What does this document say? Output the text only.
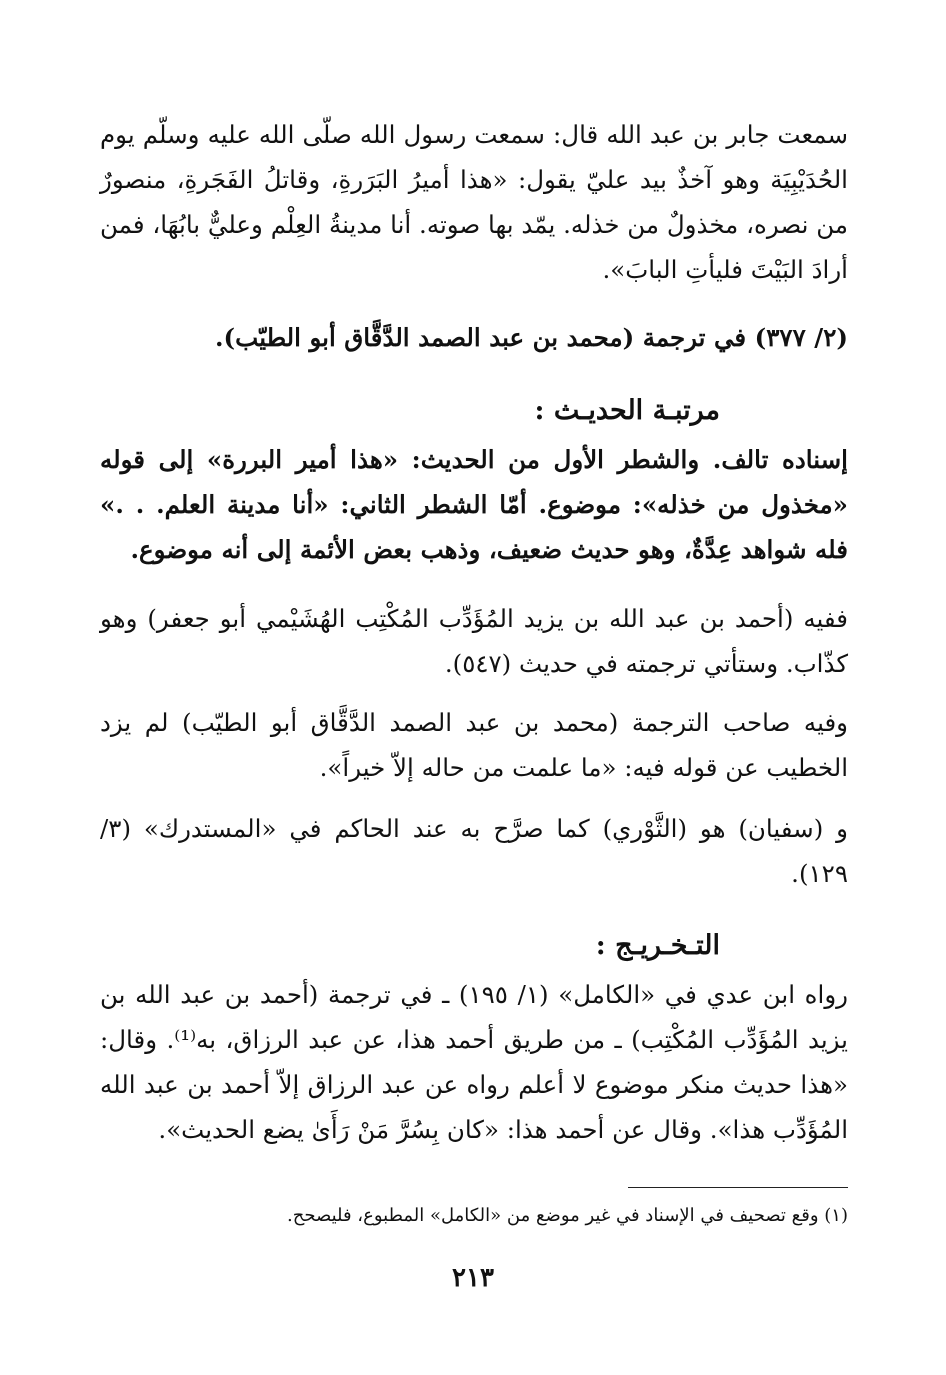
سمعت جابر بن عبد الله قال: سمعت رسول الله صلّى الله عليه وسلّم يوم الحُدَيْبِيَة وهو آخذٌ بيد عليّ يقول: «هذا أميرُ البَرَرةِ، وقاتلُ الفَجَرةِ، منصورٌ من نصره، مخذولٌ من خذله. يمّد بها صوته. أنا مدينةُ العِلْم وعليٌّ بابُهَا، فمن أرادَ البَيْتَ فليأتِ البابَ».

(٢/ ٣٧٧) في ترجمة (محمد بن عبد الصمد الدَّقَّاق أبو الطيّب).

مرتبـة الحديـث :

إسناده تالف. والشطر الأول من الحديث: «هذا أمير البررة» إلى قوله «مخذول من خذله»: موضوع. أمّا الشطر الثاني: «أنا مدينة العلم. . .» فله شواهد عِدَّةٌ، وهو حديث ضعيف، وذهب بعض الأئمة إلى أنه موضوع.

ففيه (أحمد بن عبد الله بن يزيد المُؤَدِّب المُكْتِب الهُشَيْمي أبو جعفر) وهو كذّاب. وستأتي ترجمته في حديث (٥٤٧).

وفيه صاحب الترجمة (محمد بن عبد الصمد الدَّقَّاق أبو الطيّب) لم يزد الخطيب عن قوله فيه: «ما علمت من حاله إلاّ خيراً».

و (سفيان) هو (الثَّوْري) كما صرَّح به عند الحاكم في «المستدرك» (٣/ ١٢٩).

التـخـريـج :

رواه ابن عدي في «الكامل» (١/ ١٩٥) ـ في ترجمة (أحمد بن عبد الله بن يزيد المُؤَدِّب المُكْتِب) ـ من طريق أحمد هذا، عن عبد الرزاق، به⁽¹⁾. وقال: «هذا حديث منكر موضوع لا أعلم رواه عن عبد الرزاق إلاّ أحمد بن عبد الله المُؤَدِّب هذا». وقال عن أحمد هذا: «كان بِسُرَّ مَنْ رَأَىٰ يضع الحديث».

(١) وقع تصحيف في الإسناد في غير موضع من «الكامل» المطبوع، فليصحح.
٢١٣
